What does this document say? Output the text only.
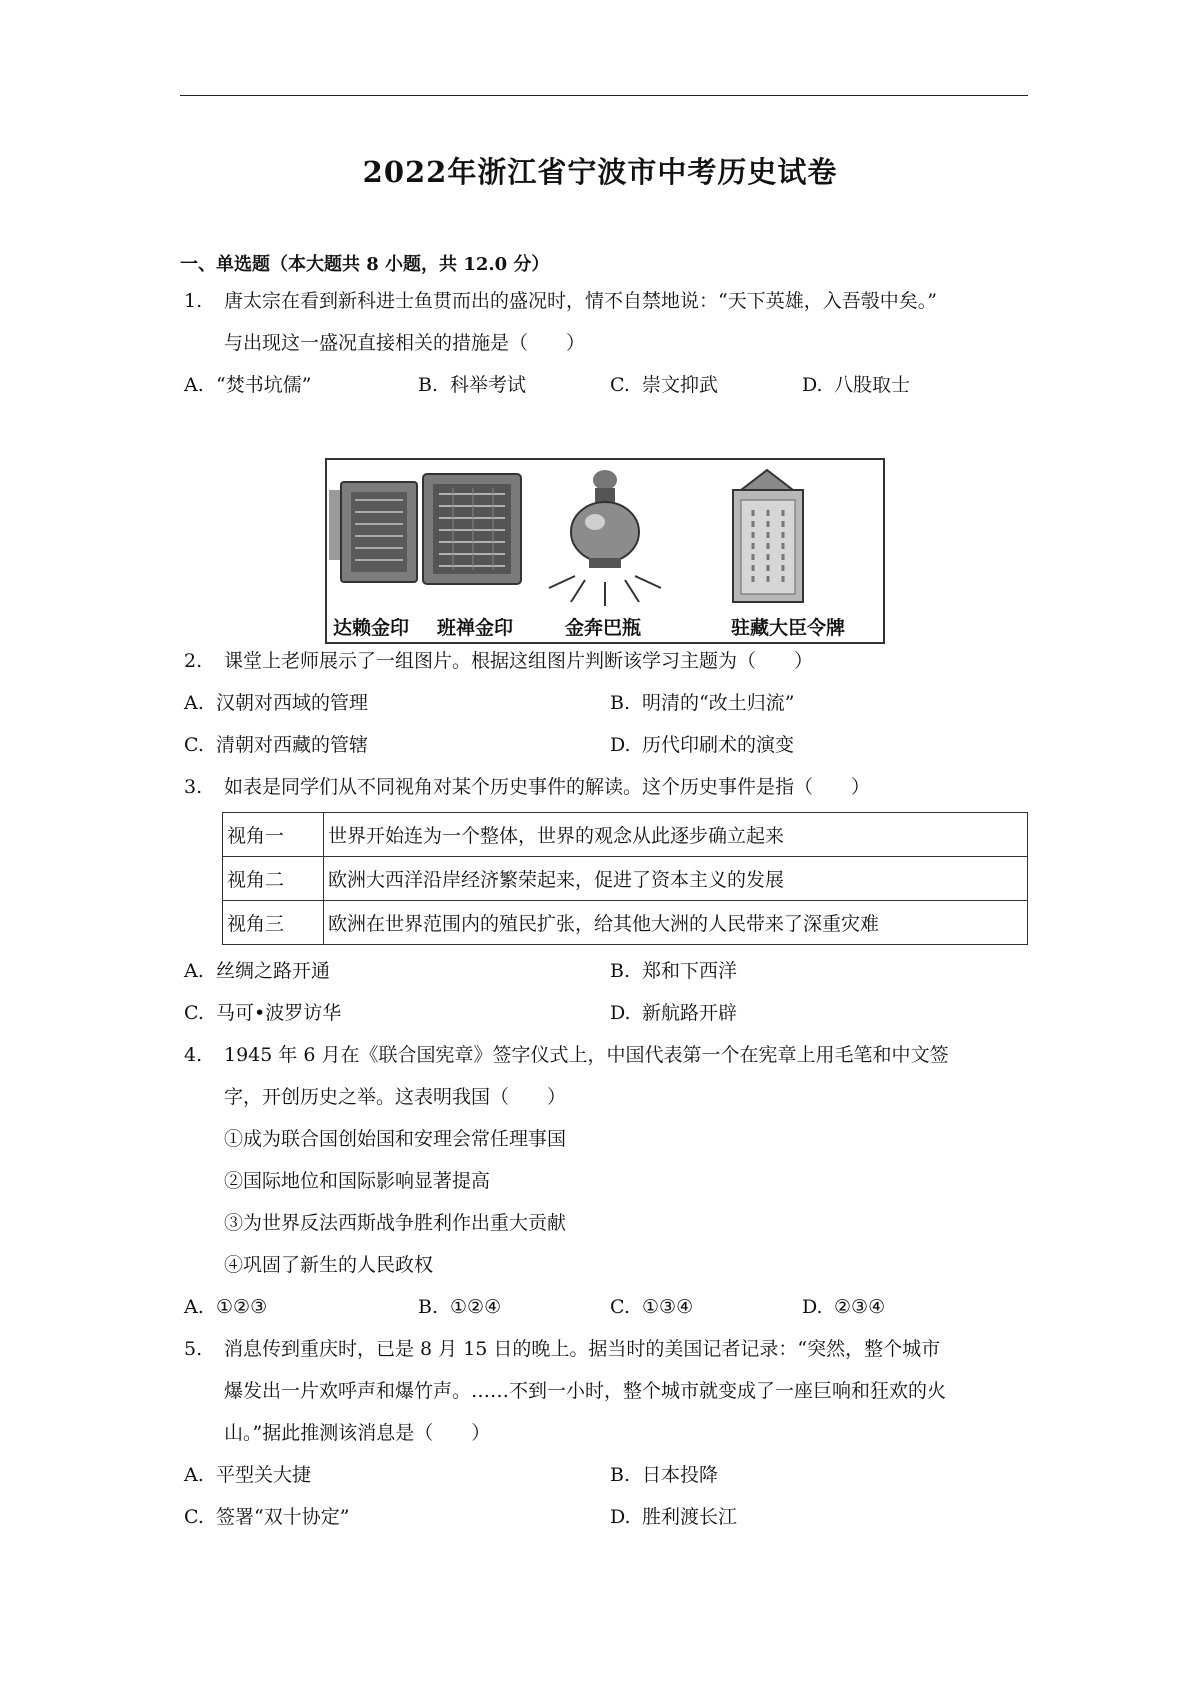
2022年浙江省宁波市中考历史试卷
一、单选题（本大题共 8 小题，共 12.0 分）
1. 唐太宗在看到新科进士鱼贯而出的盛况时，情不自禁地说：“天下英雄，入吾彀中矣。”
与出现这一盛况直接相关的措施是（　　）
A. “焚书坑儒”	B. 科举考试	C. 崇文抑武	D. 八股取士
达赖金印 班禅金印	金奔巴瓶	驻藏大臣令牌
2. 课堂上老师展示了一组图片。根据这组图片判断该学习主题为（　　）
A. 汉朝对西域的管理	B. 明清的“改土归流”
C. 清朝对西藏的管辖	D. 历代印刷术的演变
3. 如表是同学们从不同视角对某个历史事件的解读。这个历史事件是指（　　）
视角一	世界开始连为一个整体，世界的观念从此逐步确立起来
视角二	欧洲大西洋沿岸经济繁荣起来，促进了资本主义的发展
视角三	欧洲在世界范围内的殖民扩张，给其他大洲的人民带来了深重灾难
A. 丝绸之路开通	B. 郑和下西洋
C. 马可•波罗访华	D. 新航路开辟
4. 1945 年 6 月在《联合国宪章》签字仪式上，中国代表第一个在宪章上用毛笔和中文签
字，开创历史之举。这表明我国（　　）
①成为联合国创始国和安理会常任理事国
②国际地位和国际影响显著提高
③为世界反法西斯战争胜利作出重大贡献
④巩固了新生的人民政权
A. ①②③	B. ①②④	C. ①③④	D. ②③④
5. 消息传到重庆时，已是 8 月 15 日的晚上。据当时的美国记者记录：“突然，整个城市
爆发出一片欢呼声和爆竹声。……不到一小时，整个城市就变成了一座巨响和狂欢的火
山。”据此推测该消息是（　　）
A. 平型关大捷	B. 日本投降
C. 签署“双十协定”	D. 胜利渡长江
